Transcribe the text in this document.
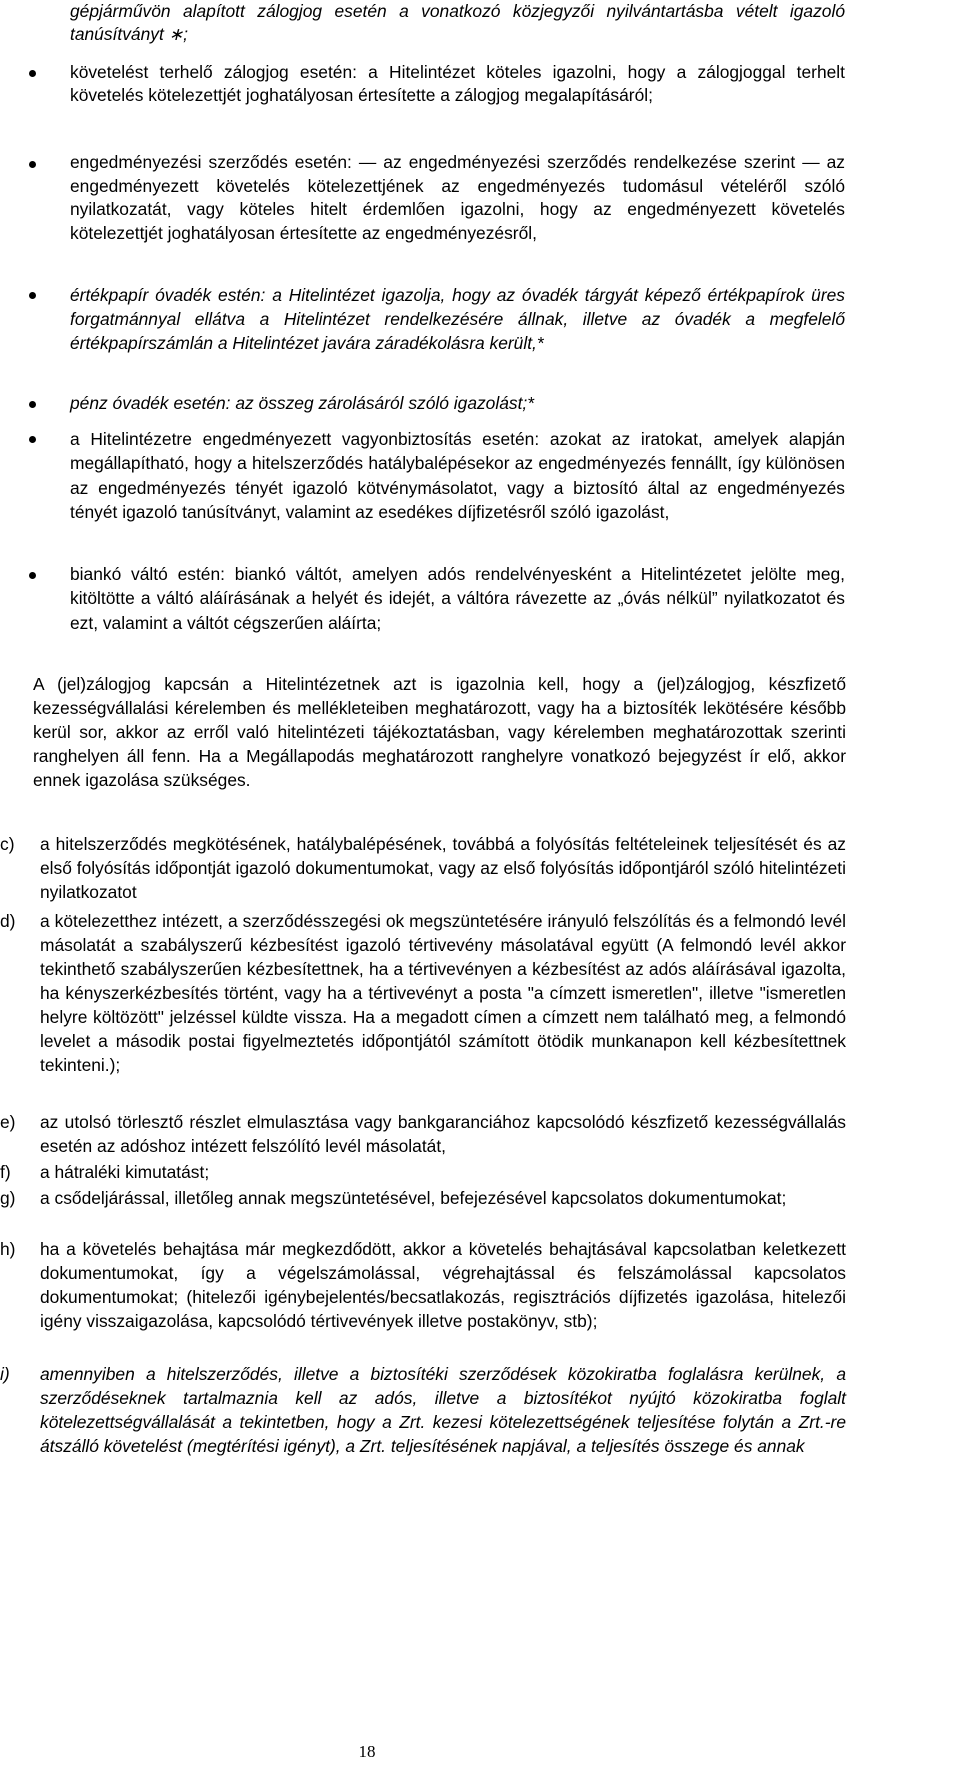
gépjárművön alapított zálogjog esetén a vonatkozó közjegyzői nyilvántartásba vételt igazoló tanúsítványt ∗;
követelést terhelő zálogjog esetén: a Hitelintézet köteles igazolni, hogy a zálogjoggal terhelt követelés kötelezettjét joghatályosan értesítette a zálogjog megalapításáról;
engedményezési szerződés esetén: — az engedményezési szerződés rendelkezése szerint — az engedményezett követelés kötelezettjének az engedményezés tudomásul vételéről szóló nyilatkozatát, vagy köteles hitelt érdemlően igazolni, hogy az engedményezett követelés kötelezettjét joghatályosan értesítette az engedményezésről,
értékpapír óvadék estén: a Hitelintézet igazolja, hogy az óvadék tárgyát képező értékpapírok üres forgatmánnyal ellátva a Hitelintézet rendelkezésére állnak, illetve az óvadék a megfelelő értékpapírszámlán a Hitelintézet javára záradékolásra került,*
pénz óvadék esetén: az összeg zárolásáról szóló igazolást;*
a Hitelintézetre engedményezett vagyonbiztosítás esetén: azokat az iratokat, amelyek alapján megállapítható, hogy a hitelszerződés hatálybalépésekor az engedményezés fennállt, így különösen az engedményezés tényét igazoló kötvénymásolatot, vagy a biztosító által az engedményezés tényét igazoló tanúsítványt, valamint az esedékes díjfizetésről szóló igazolást,
biankó váltó estén: biankó váltót, amelyen adós rendelvényesként a Hitelintézetet jelölte meg, kitöltötte a váltó aláírásának a helyét és idejét, a váltóra rávezette az „óvás nélkül” nyilatkozatot és ezt, valamint a váltót cégszerűen aláírta;
A (jel)zálogjog kapcsán a Hitelintézetnek azt is igazolnia kell, hogy a (jel)zálogjog, készfizető kezességvállalási kérelemben és mellékleteiben meghatározott, vagy ha a biztosíték lekötésére később kerül sor, akkor az erről való hitelintézeti tájékoztatásban, vagy kérelemben meghatározottak szerinti ranghelyen áll fenn. Ha a Megállapodás meghatározott ranghelyre vonatkozó bejegyzést ír elő, akkor ennek igazolása szükséges.
c)	a hitelszerződés megkötésének, hatálybalépésének, továbbá a folyósítás feltételeinek teljesítését és az első folyósítás időpontját igazoló dokumentumokat, vagy az első folyósítás időpontjáról szóló hitelintézeti nyilatkozatot
d)	a kötelezetthez intézett, a szerződésszegési ok megszüntetésére irányuló felszólítás és a felmondó levél másolatát a szabályszerű kézbesítést igazoló tértivevény másolatával együtt (A felmondó levél akkor tekinthető szabályszerűen kézbesítettnek, ha a tértivevényen a kézbesítést az adós aláírásával igazolta, ha kényszerkézbesítés történt, vagy ha a tértivevényt a posta "a címzett ismeretlen", illetve "ismeretlen helyre költözött" jelzéssel küldte vissza. Ha a megadott címen a címzett nem található meg, a felmondó levelet a második postai figyelmeztetés időpontjától számított ötödik munkanapon kell kézbesítettnek tekinteni.);
e)	az utolsó törlesztő részlet elmulasztása vagy bankgaranciához kapcsolódó készfizető kezességvállalás esetén az adóshoz intézett felszólító levél másolatát,
f)	a hátraléki kimutatást;
g)	a csődeljárással, illetőleg annak megszüntetésével, befejezésével kapcsolatos dokumentumokat;
h)	ha a követelés behajtása már megkezdődött, akkor a követelés behajtásával kapcsolatban keletkezett dokumentumokat, így a végelszámolással, végrehajtással és felszámolással kapcsolatos dokumentumokat; (hitelezői igénybejelentés/becsatlakozás, regisztrációs díjfizetés igazolása, hitelezői igény visszaigazolása, kapcsolódó tértivevények illetve postakönyv, stb);
i)	amennyiben a hitelszerződés, illetve a biztosítéki szerződések közokiratba foglalásra kerülnek, a szerződéseknek tartalmaznia kell az adós, illetve a biztosítékot nyújtó közokiratba foglalt kötelezettségvállalását a tekintetben, hogy a Zrt. kezesi kötelezettségének teljesítése folytán a Zrt.-re átszálló követelést (megtérítési igényt), a Zrt. teljesítésének napjával, a teljesítés összege és annak
18
